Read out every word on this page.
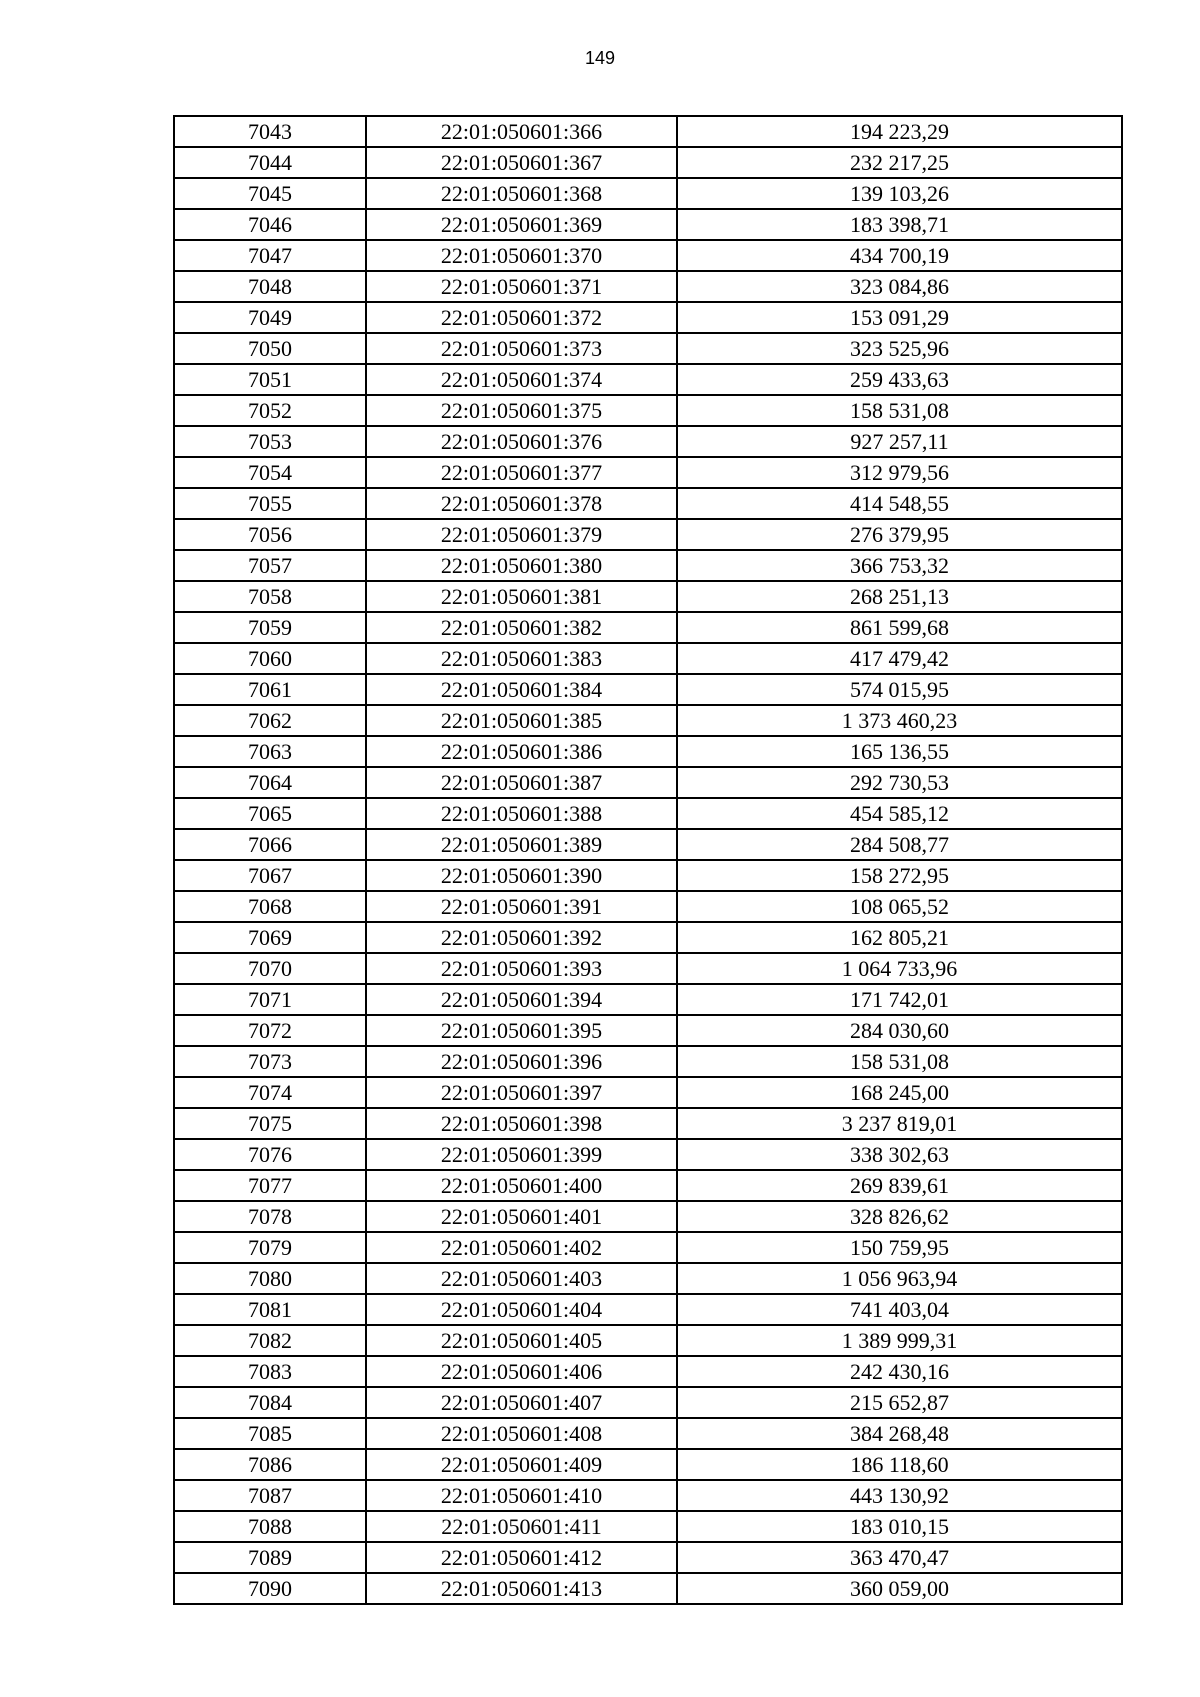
149
7043	22:01:050601:366	194 223,29
7044	22:01:050601:367	232 217,25
7045	22:01:050601:368	139 103,26
7046	22:01:050601:369	183 398,71
7047	22:01:050601:370	434 700,19
7048	22:01:050601:371	323 084,86
7049	22:01:050601:372	153 091,29
7050	22:01:050601:373	323 525,96
7051	22:01:050601:374	259 433,63
7052	22:01:050601:375	158 531,08
7053	22:01:050601:376	927 257,11
7054	22:01:050601:377	312 979,56
7055	22:01:050601:378	414 548,55
7056	22:01:050601:379	276 379,95
7057	22:01:050601:380	366 753,32
7058	22:01:050601:381	268 251,13
7059	22:01:050601:382	861 599,68
7060	22:01:050601:383	417 479,42
7061	22:01:050601:384	574 015,95
7062	22:01:050601:385	1 373 460,23
7063	22:01:050601:386	165 136,55
7064	22:01:050601:387	292 730,53
7065	22:01:050601:388	454 585,12
7066	22:01:050601:389	284 508,77
7067	22:01:050601:390	158 272,95
7068	22:01:050601:391	108 065,52
7069	22:01:050601:392	162 805,21
7070	22:01:050601:393	1 064 733,96
7071	22:01:050601:394	171 742,01
7072	22:01:050601:395	284 030,60
7073	22:01:050601:396	158 531,08
7074	22:01:050601:397	168 245,00
7075	22:01:050601:398	3 237 819,01
7076	22:01:050601:399	338 302,63
7077	22:01:050601:400	269 839,61
7078	22:01:050601:401	328 826,62
7079	22:01:050601:402	150 759,95
7080	22:01:050601:403	1 056 963,94
7081	22:01:050601:404	741 403,04
7082	22:01:050601:405	1 389 999,31
7083	22:01:050601:406	242 430,16
7084	22:01:050601:407	215 652,87
7085	22:01:050601:408	384 268,48
7086	22:01:050601:409	186 118,60
7087	22:01:050601:410	443 130,92
7088	22:01:050601:411	183 010,15
7089	22:01:050601:412	363 470,47
7090	22:01:050601:413	360 059,00
